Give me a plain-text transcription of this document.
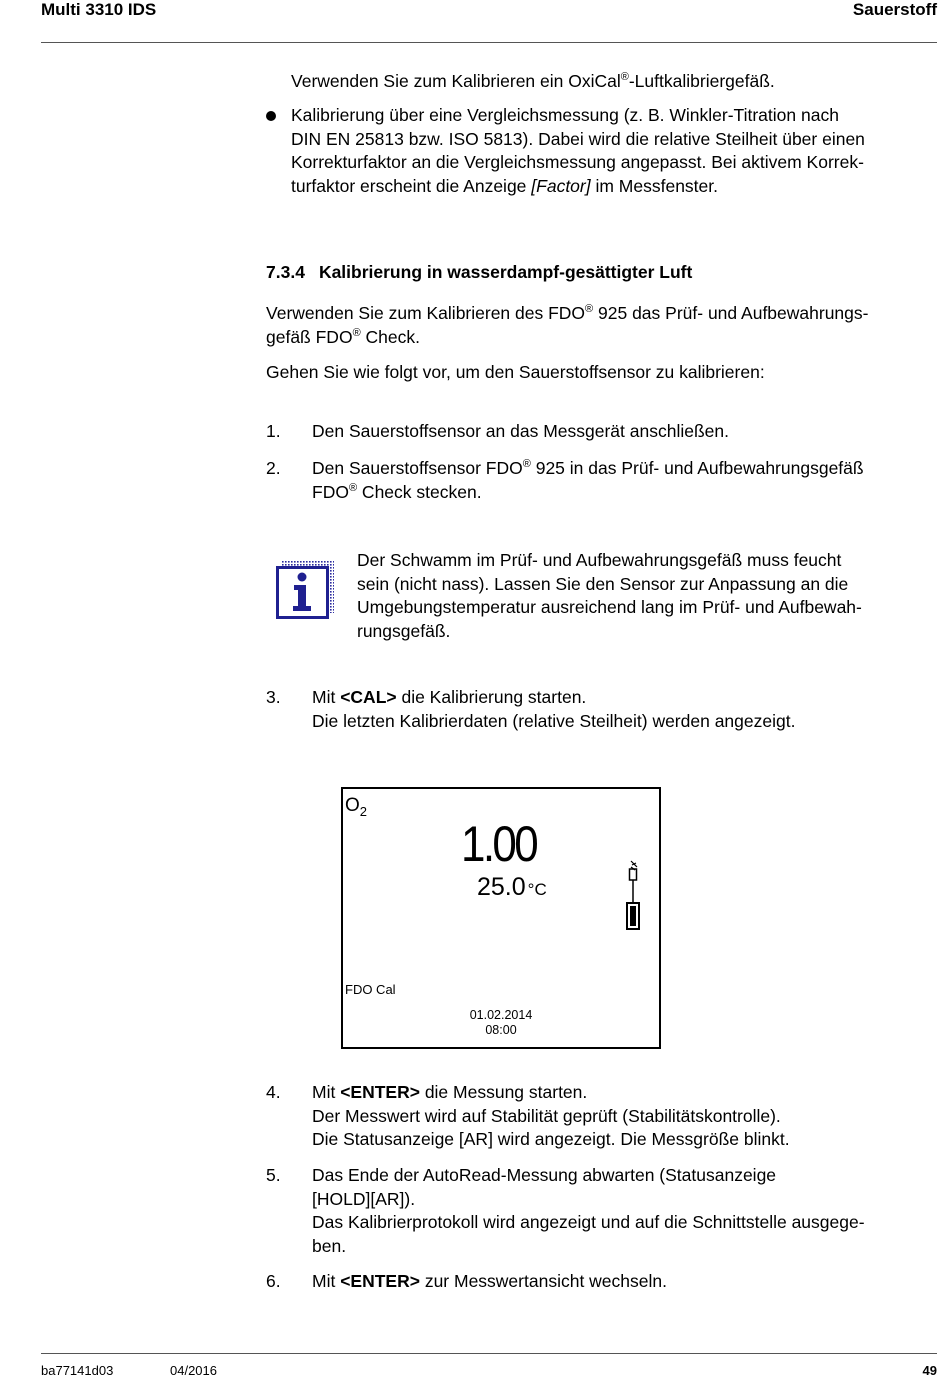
Multi 3310 IDS	Sauerstoff
Verwenden Sie zum Kalibrieren ein OxiCal®-Luftkalibriergefäß.
Kalibrierung über eine Vergleichsmessung (z. B. Winkler-Titration nach
DIN EN 25813 bzw. ISO 5813). Dabei wird die relative Steilheit über einen
Korrekturfaktor an die Vergleichsmessung angepasst. Bei aktivem Korrek-
turfaktor erscheint die Anzeige [Factor] im Messfenster.
7.3.4 Kalibrierung in wasserdampf-gesättigter Luft
Verwenden Sie zum Kalibrieren des FDO® 925 das Prüf- und Aufbewahrungs-
gefäß FDO® Check.
Gehen Sie wie folgt vor, um den Sauerstoffsensor zu kalibrieren:
1. Den Sauerstoffsensor an das Messgerät anschließen.
2. Den Sauerstoffsensor FDO® 925 in das Prüf- und Aufbewahrungsgefäß
FDO® Check stecken.
Der Schwamm im Prüf- und Aufbewahrungsgefäß muss feucht
sein (nicht nass). Lassen Sie den Sensor zur Anpassung an die
Umgebungstemperatur ausreichend lang im Prüf- und Aufbewah-
rungsgefäß.
3. Mit <CAL> die Kalibrierung starten.
Die letzten Kalibrierdaten (relative Steilheit) werden angezeigt.
$O_2$
1.00
25.0 °C
FDO Cal
01.02.2014
08:00
4. Mit <ENTER> die Messung starten.
Der Messwert wird auf Stabilität geprüft (Stabilitätskontrolle).
Die Statusanzeige [AR] wird angezeigt. Die Messgröße blinkt.
5. Das Ende der AutoRead-Messung abwarten (Statusanzeige
[HOLD][AR]).
Das Kalibrierprotokoll wird angezeigt und auf die Schnittstelle ausgege-
ben.
6. Mit <ENTER> zur Messwertansicht wechseln.
ba77141d03	04/2016	49
